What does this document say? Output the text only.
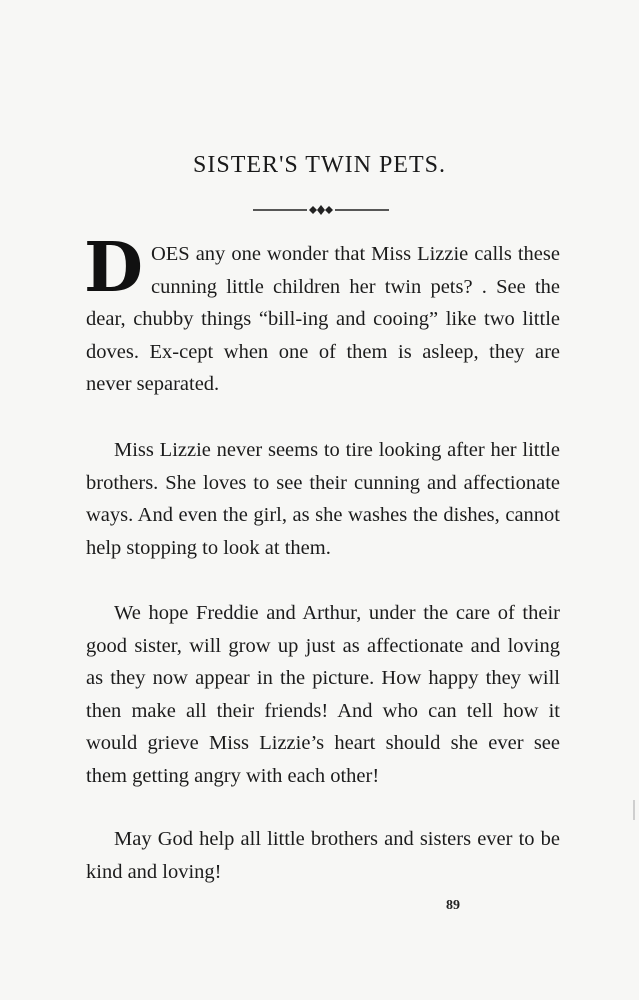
SISTER'S TWIN PETS.
D OES any one wonder that Miss Lizzie calls these cunning little children her twin pets? . See the dear, chubby things “bill-ing and cooing” like two little doves. Ex-cept when one of them is asleep, they are never separated.
Miss Lizzie never seems to tire looking after her little brothers. She loves to see their cunning and affectionate ways. And even the girl, as she washes the dishes, cannot help stopping to look at them.
We hope Freddie and Arthur, under the care of their good sister, will grow up just as affectionate and loving as they now appear in the picture. How happy they will then make all their friends! And who can tell how it would grieve Miss Lizzie’s heart should she ever see them getting angry with each other!
May God help all little brothers and sisters ever to be kind and loving!
89
